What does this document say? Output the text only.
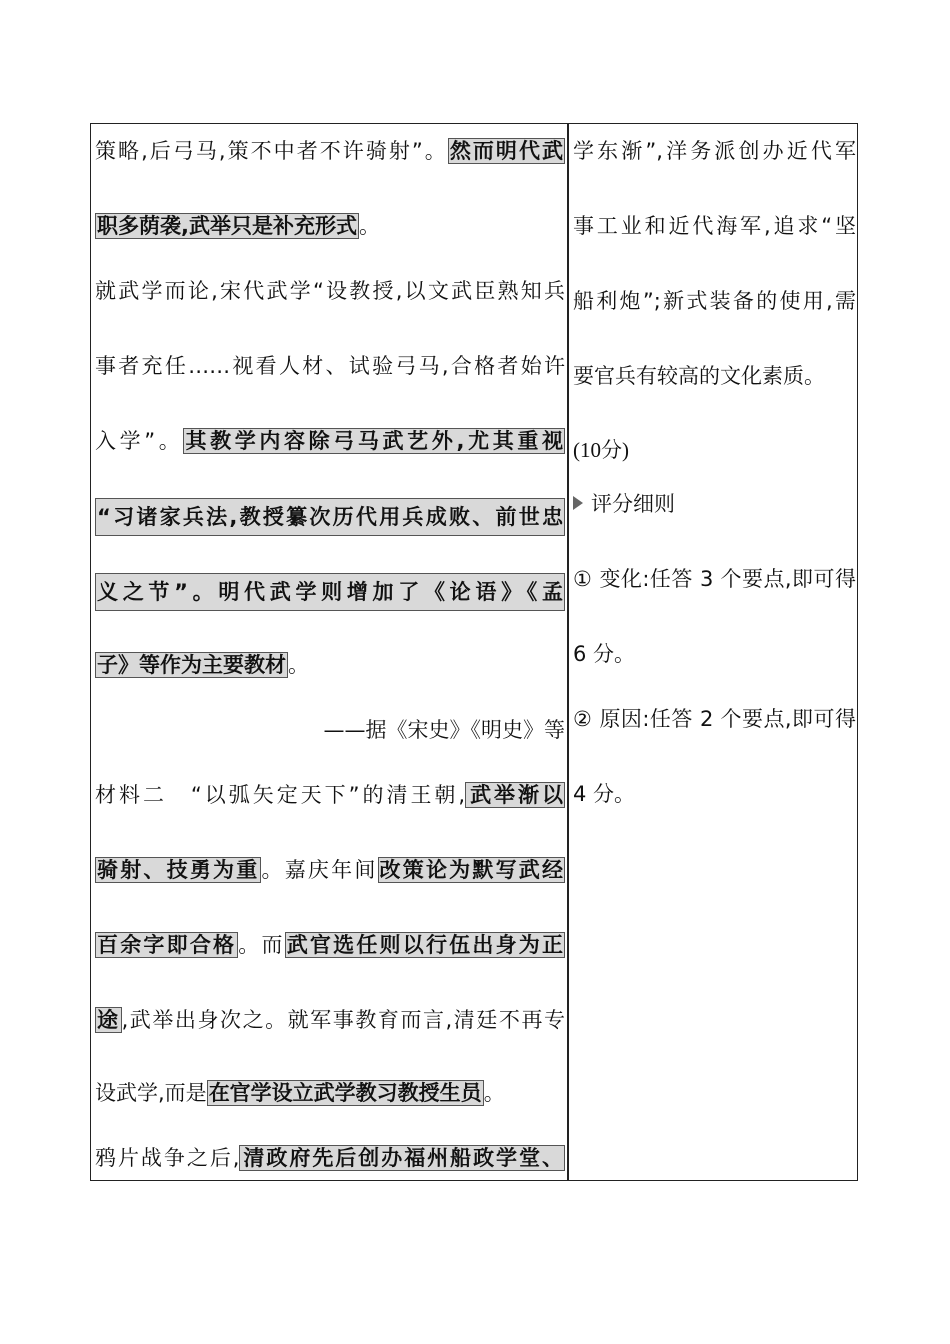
策略,后弓马,策不中者不许骑射”。然而明代武
职多荫袭,武举只是补充形式。
就武学而论,宋代武学“设教授,以文武臣熟知兵
事者充任……视看人材、试验弓马,合格者始许
入学”。其教学内容除弓马武艺外,尤其重视
“习诸家兵法,教授纂次历代用兵成败、前世忠
义之节”。明代武学则增加了《论语》《孟
子》等作为主要教材。
——据《宋史》《明史》等
材料二　“以弧矢定天下”的清王朝,武举渐以
骑射、技勇为重。嘉庆年间改策论为默写武经
百余字即合格。而武官选任则以行伍出身为正
途,武举出身次之。就军事教育而言,清廷不再专
设武学,而是在官学设立武学教习教授生员。
鸦片战争之后,清政府先后创办福州船政学堂、
学东渐”,洋务派创办近代军
事工业和近代海军,追求“坚
船利炮”;新式装备的使用,需
要官兵有较高的文化素质。
(10分)
评分细则
① 变化:任答 3 个要点,即可得
6 分。
② 原因:任答 2 个要点,即可得
4 分。
